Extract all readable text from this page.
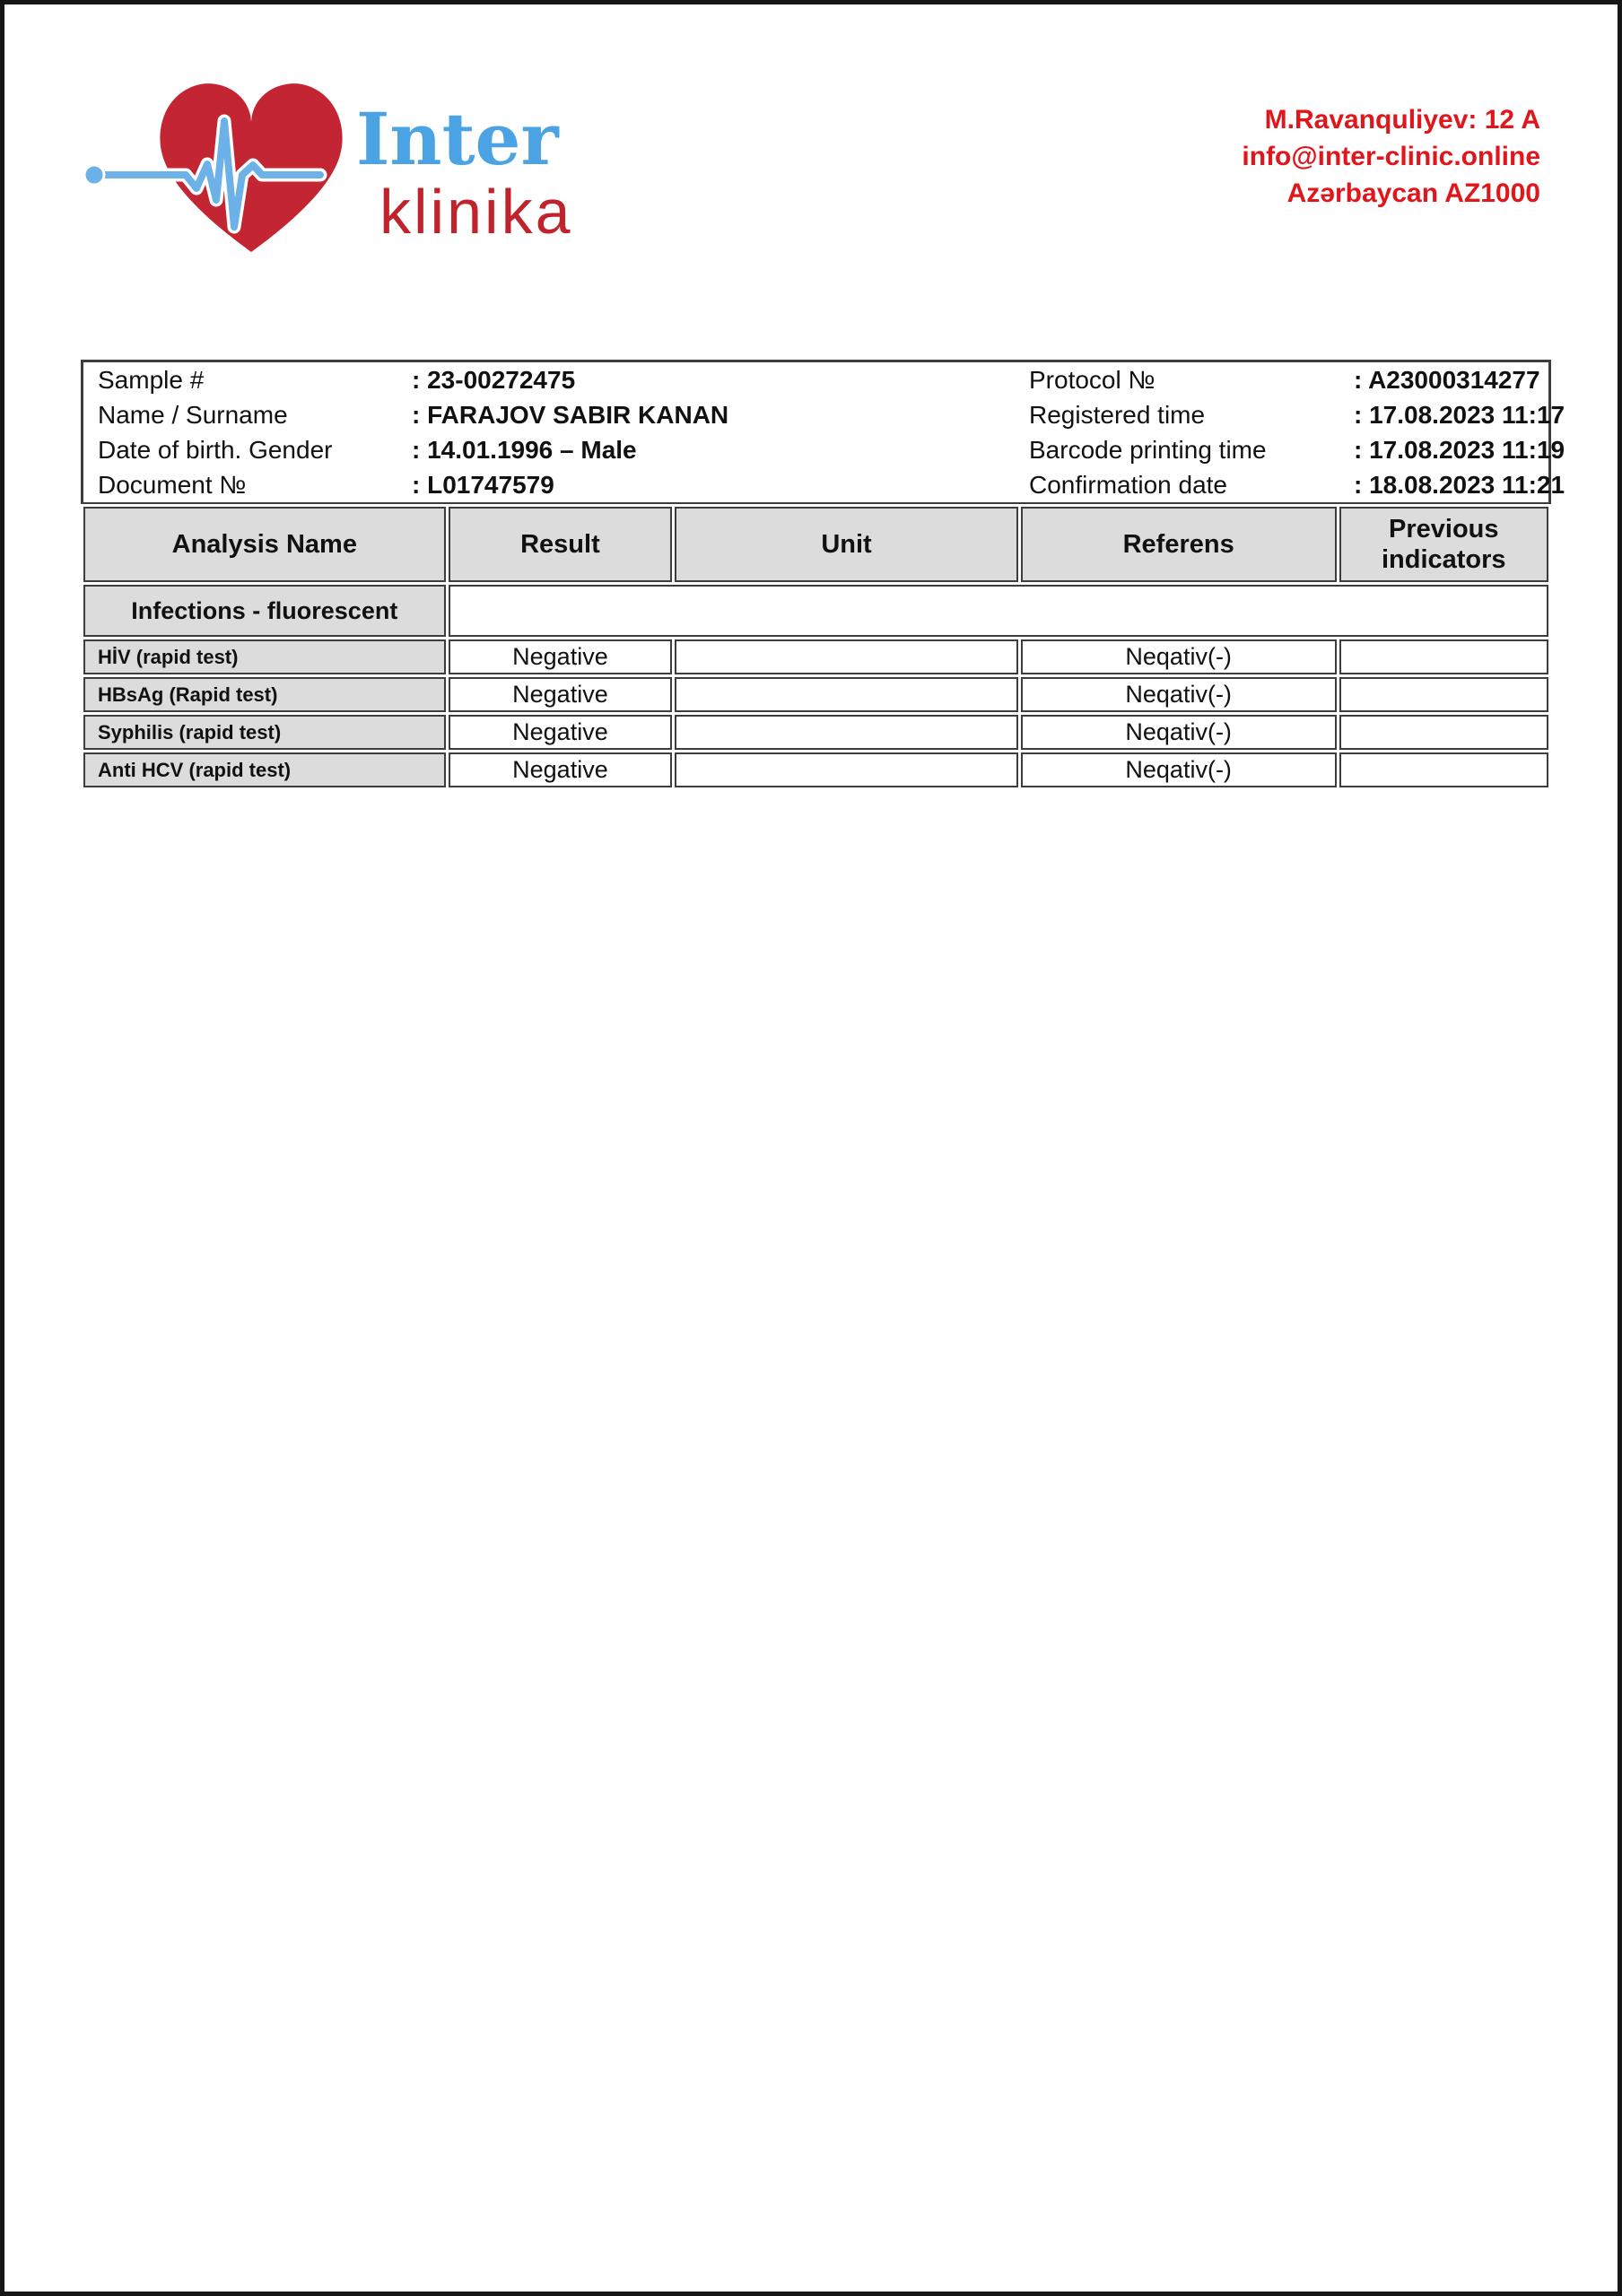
Inter
klinika
M.Ravanquliyev: 12 A
info@inter-clinic.online
Azərbaycan AZ1000
Sample #	: 23-00272475	Protocol №	: A23000314277
Name / Surname	: FARAJOV SABIR KANAN	Registered time	: 17.08.2023 11:17
Date of birth. Gender	: 14.01.1996 – Male	Barcode printing time	: 17.08.2023 11:19
Document №	: L01747579	Confirmation date	: 18.08.2023 11:21
Analysis Name	Result	Unit	Referens	Previous indicators
Infections - fluorescent				
HİV (rapid test)	Negative		Neqativ(-)	
HBsAg (Rapid test)	Negative		Neqativ(-)	
Syphilis (rapid test)	Negative		Neqativ(-)	
Anti HCV (rapid test)	Negative		Neqativ(-)	
